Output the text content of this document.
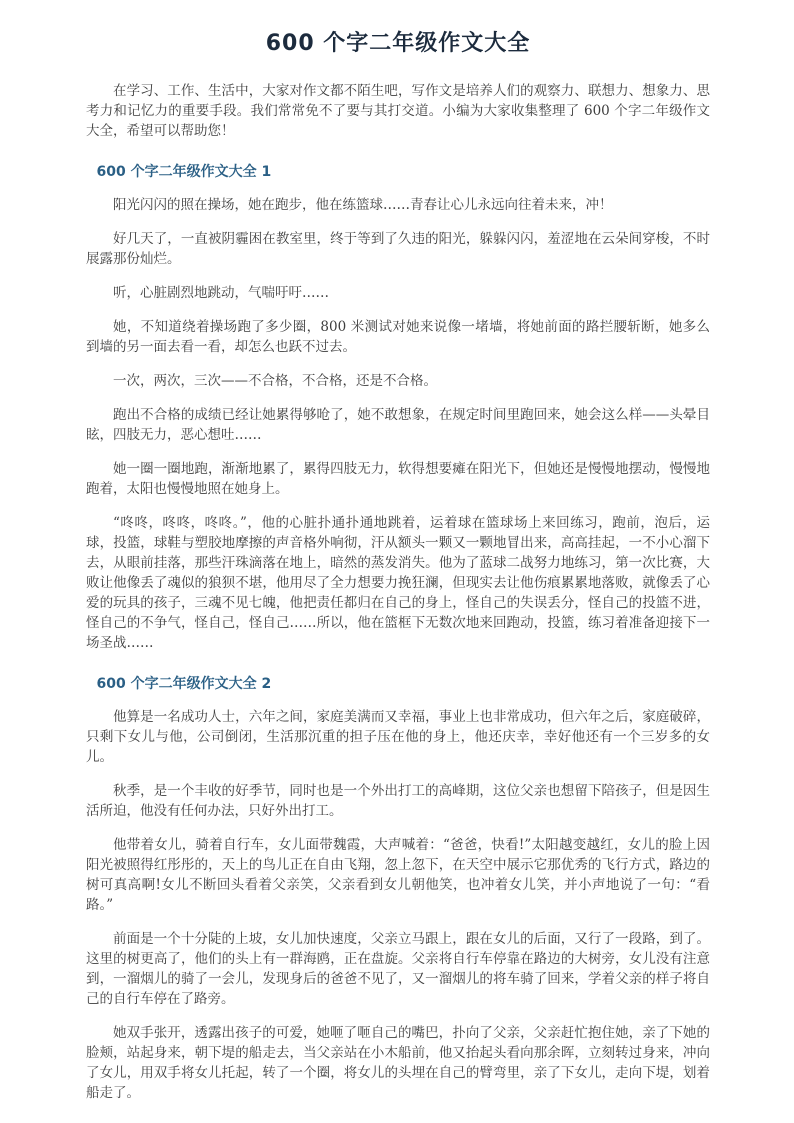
600 个字二年级作文大全

在学习、工作、生活中，大家对作文都不陌生吧，写作文是培养人们的观察力、联想力、想象力、思考力和记忆力的重要手段。我们常常免不了要与其打交道。小编为大家收集整理了 600 个字二年级作文大全，希望可以帮助您！

600 个字二年级作文大全 1

阳光闪闪的照在操场，她在跑步，他在练篮球……青春让心儿永远向往着未来，冲！

好几天了，一直被阴霾困在教室里，终于等到了久违的阳光，躲躲闪闪，羞涩地在云朵间穿梭，不时展露那份灿烂。

听，心脏剧烈地跳动，气喘吁吁……

她，不知道绕着操场跑了多少圈，800 米测试对她来说像一堵墙，将她前面的路拦腰斩断，她多么到墙的另一面去看一看，却怎么也跃不过去。

一次，两次，三次——不合格，不合格，还是不合格。

跑出不合格的成绩已经让她累得够呛了，她不敢想象，在规定时间里跑回来，她会这么样——头晕目眩，四肢无力，恶心想吐……

她一圈一圈地跑，渐渐地累了，累得四肢无力，软得想要瘫在阳光下，但她还是慢慢地摆动，慢慢地跑着，太阳也慢慢地照在她身上。

“咚咚，咚咚，咚咚。”，他的心脏扑通扑通地跳着，运着球在篮球场上来回练习，跑前，泡后，运球，投篮，球鞋与塑胶地摩擦的声音格外响彻，汗从额头一颗又一颗地冒出来，高高挂起，一不小心溜下去，从眼前挂落，那些汗珠滴落在地上，暗然的蒸发消失。他为了蓝球二战努力地练习，第一次比赛，大败让他像丢了魂似的狼狈不堪，他用尽了全力想要力挽狂澜，但现实去让他伤痕累累地落败，就像丢了心爱的玩具的孩子，三魂不见七魄，他把责任都归在自己的身上，怪自己的失误丢分，怪自己的投篮不进，怪自己的不争气，怪自己，怪自己……所以，他在篮框下无数次地来回跑动，投篮，练习着准备迎接下一场圣战……

600 个字二年级作文大全 2

他算是一名成功人士，六年之间，家庭美满而又幸福，事业上也非常成功，但六年之后，家庭破碎，只剩下女儿与他，公司倒闭，生活那沉重的担子压在他的身上，他还庆幸，幸好他还有一个三岁多的女儿。

秋季，是一个丰收的好季节，同时也是一个外出打工的高峰期，这位父亲也想留下陪孩子，但是因生活所迫，他没有任何办法，只好外出打工。

他带着女儿，骑着自行车，女儿面带魏霞，大声喊着：“爸爸，快看!”太阳越变越红，女儿的脸上因阳光被照得红彤彤的，天上的鸟儿正在自由飞翔，忽上忽下，在天空中展示它那优秀的飞行方式，路边的树可真高啊!女儿不断回头看着父亲笑，父亲看到女儿朝他笑，也冲着女儿笑，并小声地说了一句：“看路。”

前面是一个十分陡的上坡，女儿加快速度，父亲立马跟上，跟在女儿的后面，又行了一段路，到了。这里的树更高了，他们的头上有一群海鸥，正在盘旋。父亲将自行车停靠在路边的大树旁，女儿没有注意到，一溜烟儿的骑了一会儿，发现身后的爸爸不见了，又一溜烟儿的将车骑了回来，学着父亲的样子将自己的自行车停在了路旁。

她双手张开，透露出孩子的可爱，她咂了咂自己的嘴巴，扑向了父亲，父亲赶忙抱住她，亲了下她的脸颊，站起身来，朝下堤的船走去，当父亲站在小木船前，他又抬起头看向那余晖，立刻转过身来，冲向了女儿，用双手将女儿托起，转了一个圈，将女儿的头埋在自己的臂弯里，亲了下女儿，走向下堤，划着船走了。
